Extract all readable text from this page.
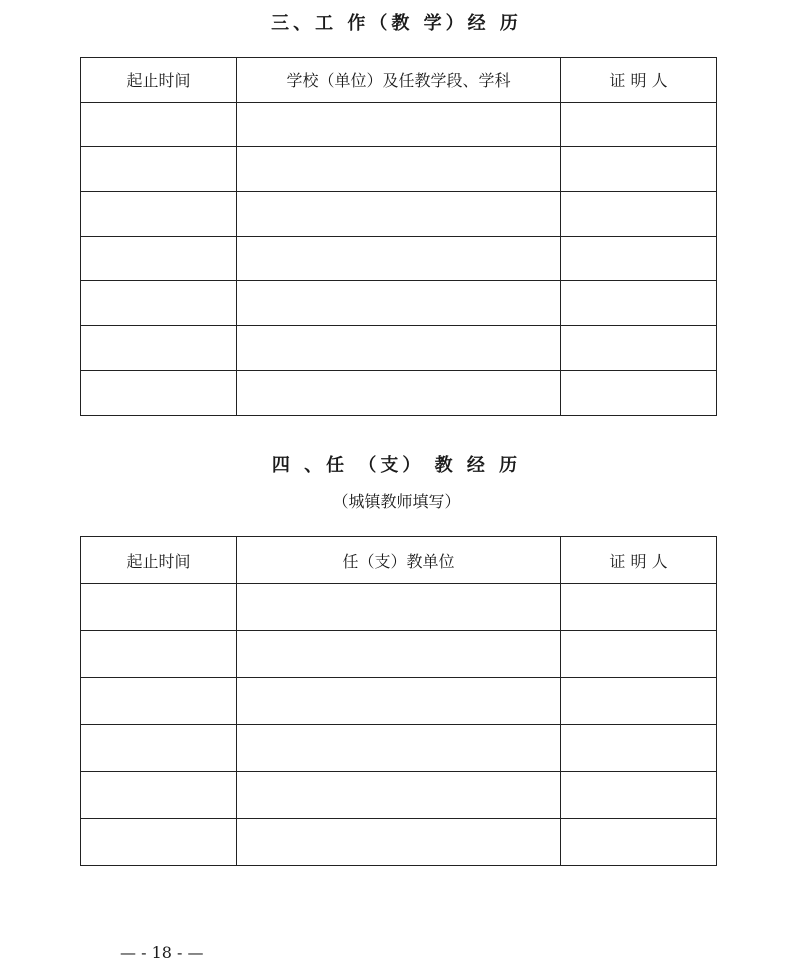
三、工 作（教 学）经 历
起止时间	学校（单位）及任教学段、学科	证 明 人

四 、任 （支） 教 经 历
（城镇教师填写）
起止时间	任（支）教单位	证 明 人

— - 18 - —
